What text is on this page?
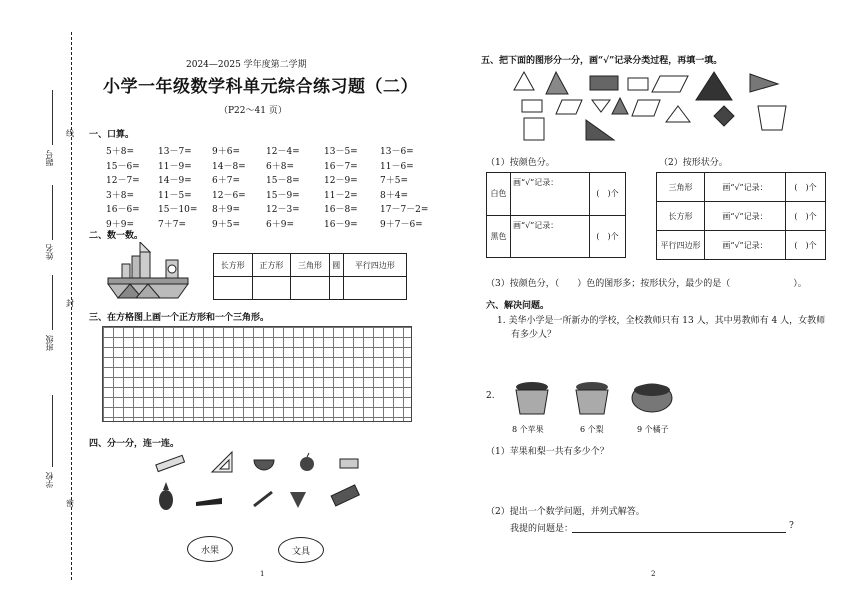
线
封
密
题号
姓名
班级
学校
2024—2025 学年度第二学期
小学一年级数学科单元综合练习题（二）
（P22～41 页）
一、口算。
5＋8=	13－7= 9＋6=	12－4=	13－5= 13－6=
15－6= 11－9= 14－8= 6＋8=	16－7= 11－6=
12－7= 14－9= 6＋7=	15－8=	12－9= 7＋5=
3＋8=	11－5= 12－6= 15－9=	11－2= 8＋4=
16－6= 15－10= 8＋9=	12－3=	16－8= 17－7－2=
9＋9=	7＋7=	9＋5=	6＋9=	16－9= 9＋7－6=
二、数一数。
长方形	正方形	三角形	圆	平行四边形

三、在方格图上画一个正方形和一个三角形。
四、分一分，连一连。
水果	文具
1
五、把下面的图形分一分，画“√”记录分类过程，再填一填。
（1）按颜色分。	（2）按形状分。
白色	画“√”记录：	(　)个
黑色	画“√”记录：	(　)个
三角形	画“√”记录：	(　)个
长方形	画“√”记录：	(　)个
平行四边形	画“√”记录：	(　)个
（3）按颜色分，（　　）色的图形多；按形状分，最少的是（　　　　　　　）。
六、解决问题。
1. 美华小学是一所新办的学校，全校教师只有 13 人，其中男教师有 4 人，女教师
有多少人？
2.
8 个苹果	6 个梨	9 个橘子
（1）苹果和梨一共有多少个？
（2）提出一个数学问题，并列式解答。
我提的问题是：	?
2
